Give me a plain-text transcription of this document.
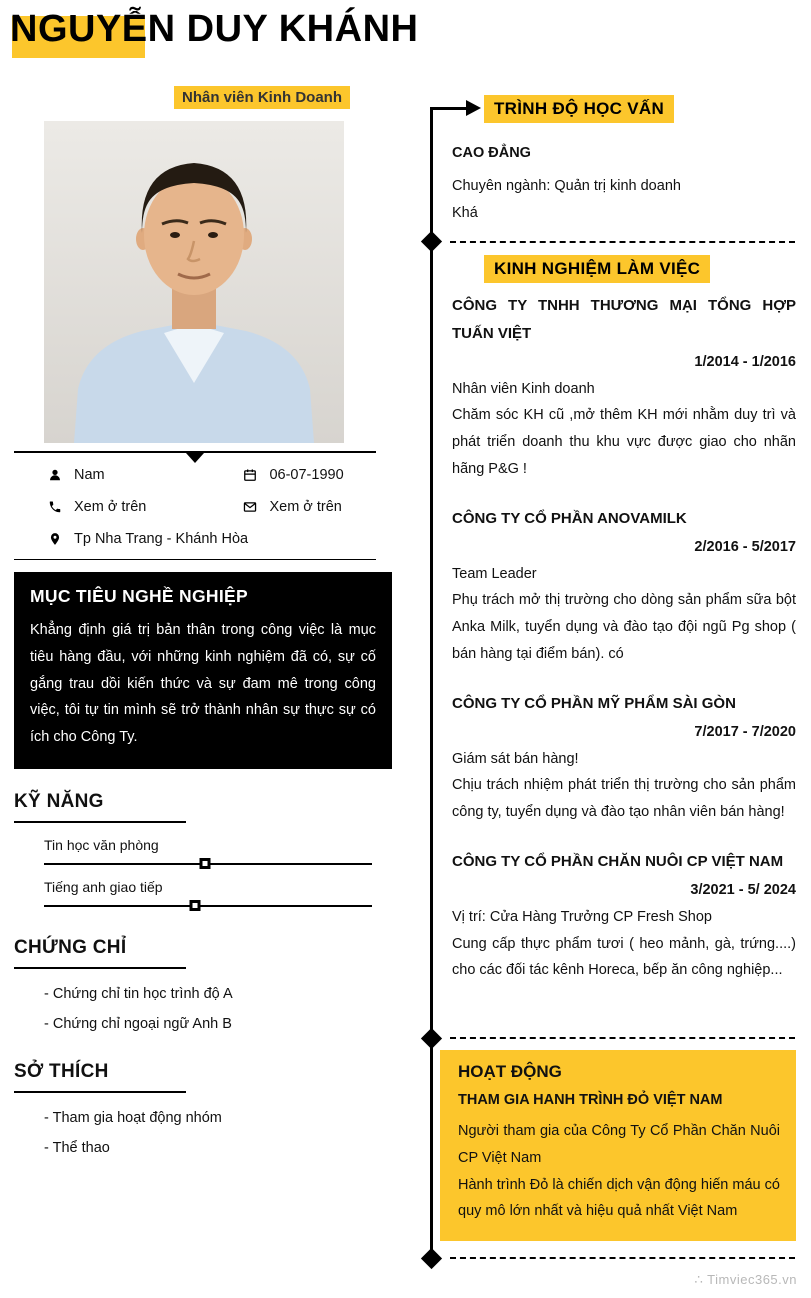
NGUYỄN DUY KHÁNH
Nhân viên Kinh Doanh
Nam	06-07-1990
Xem ở trên	Xem ở trên
Tp Nha Trang - Khánh Hòa
MỤC TIÊU NGHỀ NGHIỆP

Khẳng định giá trị bản thân trong công việc là mục tiêu hàng đầu, với những kinh nghiệm đã có, sự cố gắng trau dồi kiến thức và sự đam mê trong công việc, tôi tự tin mình sẽ trở thành nhân sự thực sự có ích cho Công Ty.

KỸ NĂNG
Tin học văn phòng
Tiếng anh giao tiếp
CHỨNG CHỈ
- Chứng chỉ tin học trình độ A
- Chứng chỉ ngoại ngữ Anh B
SỞ THÍCH
- Tham gia hoạt động nhóm
- Thể thao
TRÌNH ĐỘ HỌC VẤN
CAO ĐẲNG
Chuyên ngành: Quản trị kinh doanh
Khá
KINH NGHIỆM LÀM VIỆC
CÔNG TY TNHH THƯƠNG MẠI TỔNG HỢP TUẤN VIỆT
1/2014 - 1/2016
Nhân viên Kinh doanh

Chăm sóc KH cũ ,mở thêm KH mới nhằm duy trì và phát triển doanh thu khu vực được giao cho nhãn hãng P&G !

CÔNG TY CỔ PHẦN ANOVAMILK
2/2016 - 5/2017
Team Leader

Phụ trách mở thị trường cho dòng sản phẩm sữa bột Anka Milk, tuyển dụng và đào tạo đội ngũ Pg shop ( bán hàng tại điểm bán). có

CÔNG TY CỔ PHẦN MỸ PHẨM SÀI GÒN
7/2017 - 7/2020
Giám sát bán hàng!

Chịu trách nhiệm phát triển thị trường cho sản phẩm công ty, tuyển dụng và đào tạo nhân viên bán hàng!

CÔNG TY CỔ PHẦN CHĂN NUÔI CP VIỆT NAM
3/2021 - 5/ 2024
Vị trí: Cửa Hàng Trưởng CP Fresh Shop

Cung cấp thực phẩm tươi ( heo mảnh, gà, trứng....) cho các đối tác kênh Horeca, bếp ăn công nghiệp...

HOẠT ĐỘNG
THAM GIA HANH TRÌNH ĐỎ VIỆT NAM

Người tham gia của Công Ty Cổ Phần Chăn Nuôi CP Việt Nam

Hành trình Đỏ là chiến dịch vận động hiến máu có quy mô lớn nhất và hiệu quả nhất Việt Nam

∴ Timviec365.vn
